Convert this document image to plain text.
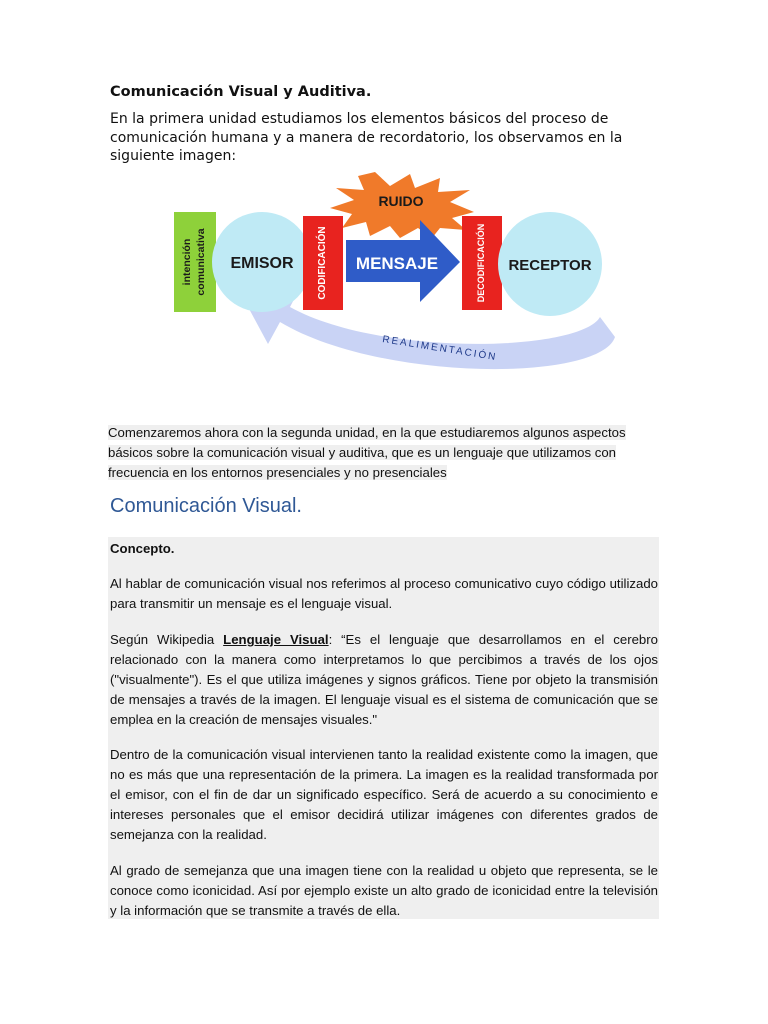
Comunicación Visual y Auditiva.
En la primera unidad estudiamos los elementos básicos del proceso de comunicación humana y a manera de recordatorio, los observamos en la siguiente imagen:
REALIMENTACIÓN
RUIDO
intención comunicativa EMISOR CODIFICACIÓN MENSAJE	DECODIFICACIÓN RECEPTOR
Comenzaremos ahora con la segunda unidad, en la que estudiaremos algunos aspectos básicos sobre la comunicación visual y auditiva, que es un lenguaje que utilizamos con frecuencia en los entornos presenciales y no presenciales
Comunicación Visual.
Concepto.
Al hablar de comunicación visual nos referimos al proceso comunicativo cuyo código utilizado para transmitir un mensaje es el lenguaje visual.
Según Wikipedia Lenguaje Visual: “Es el lenguaje que desarrollamos en el cerebro relacionado con la manera como interpretamos lo que percibimos a través de los ojos ("visualmente"). Es el que utiliza imágenes y signos gráficos. Tiene por objeto la transmisión de mensajes a través de la imagen. El lenguaje visual es el sistema de comunicación que se emplea en la creación de mensajes visuales."
Dentro de la comunicación visual intervienen tanto la realidad existente como la imagen, que no es más que una representación de la primera. La imagen es la realidad transformada por el emisor, con el fin de dar un significado específico. Será de acuerdo a su conocimiento e intereses personales que el emisor decidirá utilizar imágenes con diferentes grados de semejanza con la realidad.
Al grado de semejanza que una imagen tiene con la realidad u objeto que representa, se le conoce como iconicidad. Así por ejemplo existe un alto grado de iconicidad entre la televisión y la información que se transmite a través de ella.
